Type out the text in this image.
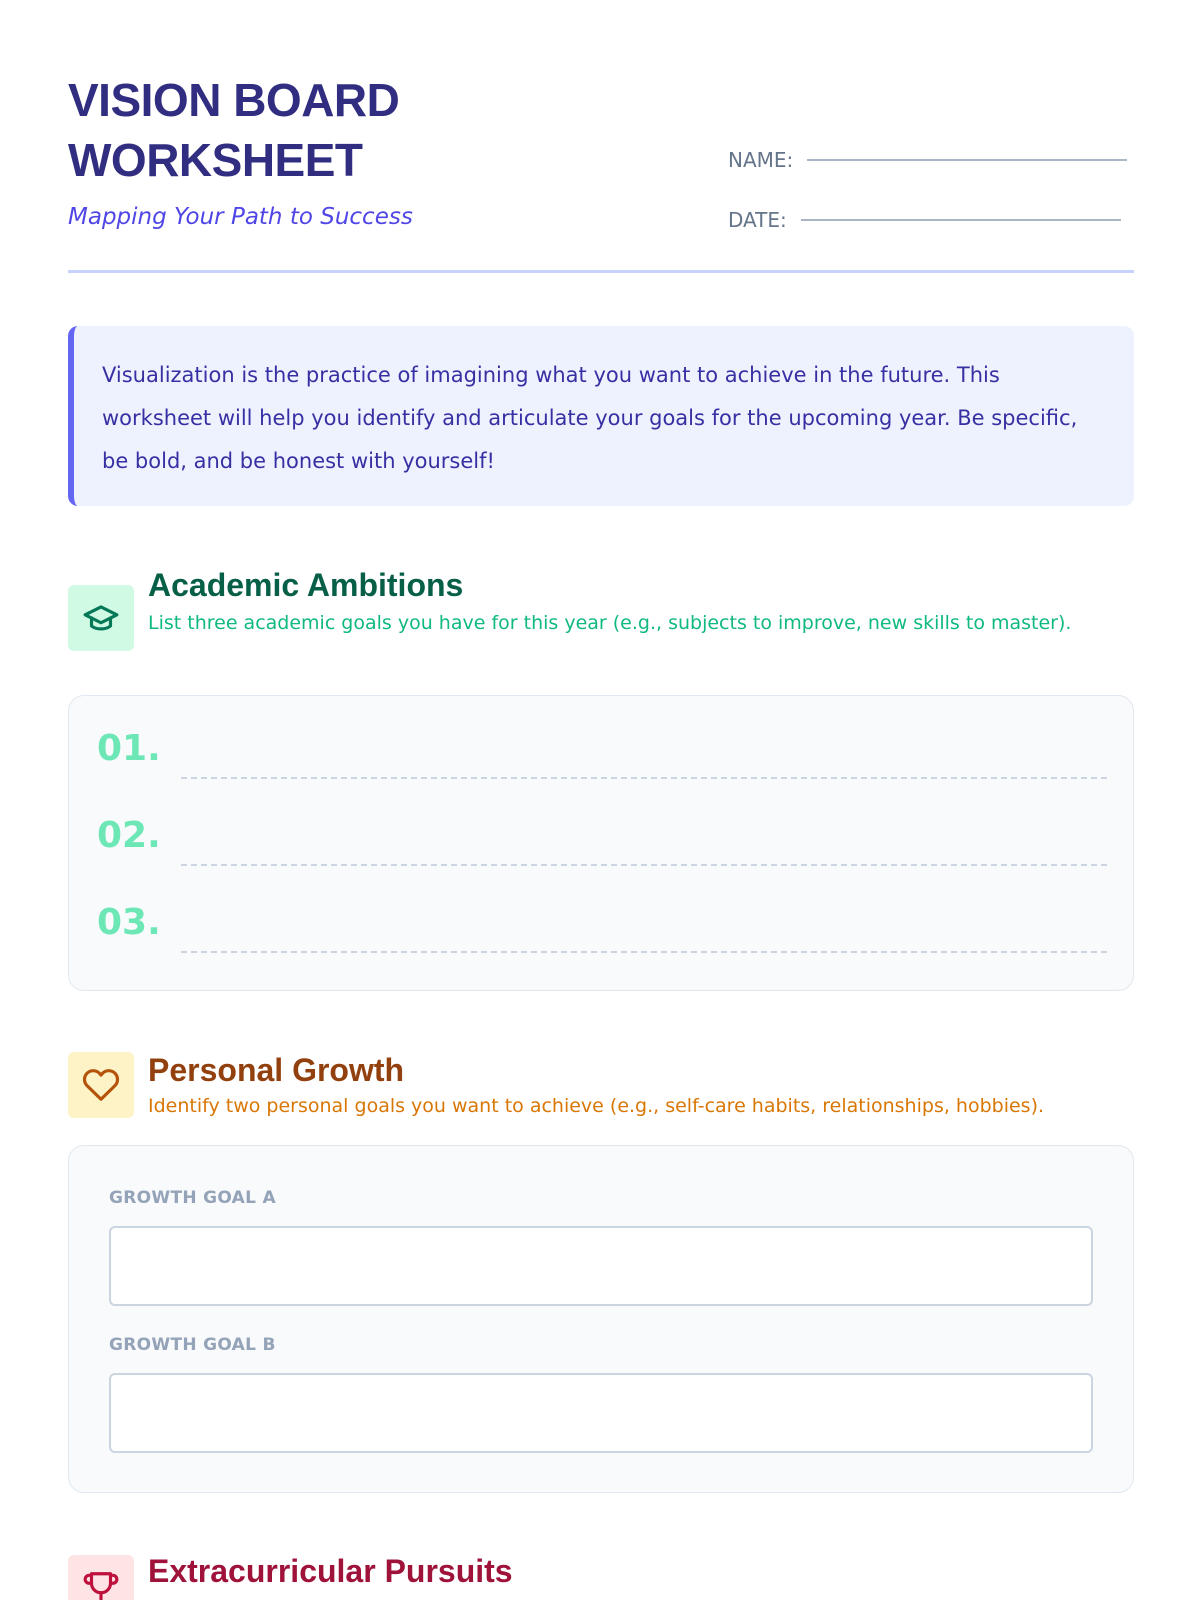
VISION BOARD
WORKSHEET
Mapping Your Path to Success
NAME:
DATE:

Visualization is the practice of imagining what you want to achieve in the future. This worksheet will help you identify and articulate your goals for the upcoming year. Be specific, be bold, and be honest with yourself!

Academic Ambitions
List three academic goals you have for this year (e.g., subjects to improve, new skills to master).
01.
02.
03.
Personal Growth
Identify two personal goals you want to achieve (e.g., self-care habits, relationships, hobbies).
GROWTH GOAL A
GROWTH GOAL B
Extracurricular Pursuits
